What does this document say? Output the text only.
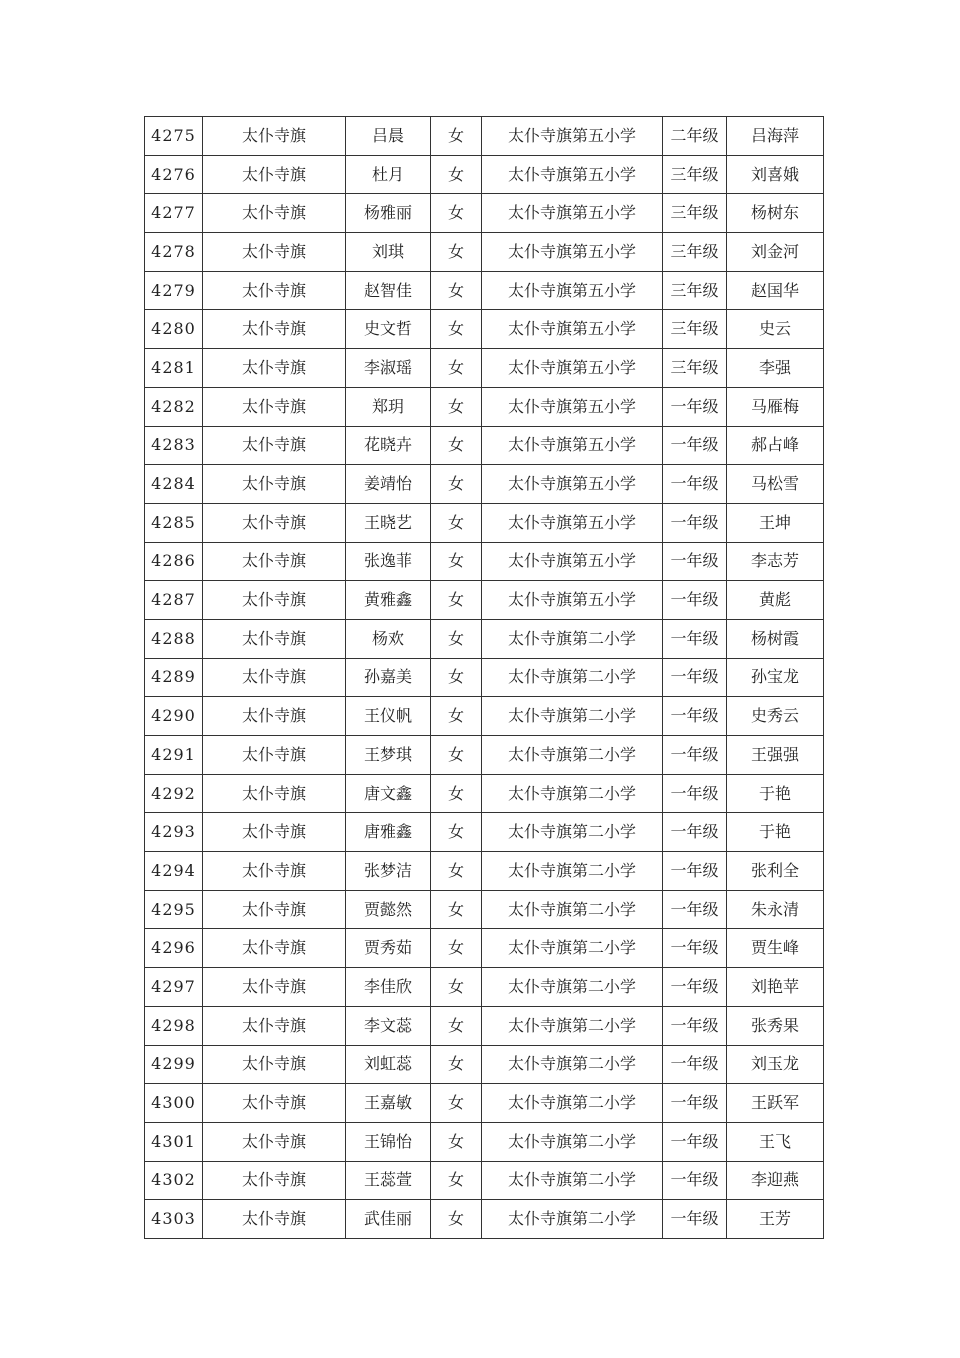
4275	太仆寺旗	吕晨	女	太仆寺旗第五小学	二年级	吕海萍
4276	太仆寺旗	杜月	女	太仆寺旗第五小学	三年级	刘喜娥
4277	太仆寺旗	杨雅丽	女	太仆寺旗第五小学	三年级	杨树东
4278	太仆寺旗	刘琪	女	太仆寺旗第五小学	三年级	刘金河
4279	太仆寺旗	赵智佳	女	太仆寺旗第五小学	三年级	赵国华
4280	太仆寺旗	史文哲	女	太仆寺旗第五小学	三年级	史云
4281	太仆寺旗	李淑瑶	女	太仆寺旗第五小学	三年级	李强
4282	太仆寺旗	郑玥	女	太仆寺旗第五小学	一年级	马雁梅
4283	太仆寺旗	花晓卉	女	太仆寺旗第五小学	一年级	郝占峰
4284	太仆寺旗	姜靖怡	女	太仆寺旗第五小学	一年级	马松雪
4285	太仆寺旗	王晓艺	女	太仆寺旗第五小学	一年级	王坤
4286	太仆寺旗	张逸菲	女	太仆寺旗第五小学	一年级	李志芳
4287	太仆寺旗	黄雅鑫	女	太仆寺旗第五小学	一年级	黄彪
4288	太仆寺旗	杨欢	女	太仆寺旗第二小学	一年级	杨树霞
4289	太仆寺旗	孙嘉美	女	太仆寺旗第二小学	一年级	孙宝龙
4290	太仆寺旗	王仪帆	女	太仆寺旗第二小学	一年级	史秀云
4291	太仆寺旗	王梦琪	女	太仆寺旗第二小学	一年级	王强强
4292	太仆寺旗	唐文鑫	女	太仆寺旗第二小学	一年级	于艳
4293	太仆寺旗	唐雅鑫	女	太仆寺旗第二小学	一年级	于艳
4294	太仆寺旗	张梦洁	女	太仆寺旗第二小学	一年级	张利全
4295	太仆寺旗	贾懿然	女	太仆寺旗第二小学	一年级	朱永清
4296	太仆寺旗	贾秀茹	女	太仆寺旗第二小学	一年级	贾生峰
4297	太仆寺旗	李佳欣	女	太仆寺旗第二小学	一年级	刘艳苹
4298	太仆寺旗	李文蕊	女	太仆寺旗第二小学	一年级	张秀果
4299	太仆寺旗	刘虹蕊	女	太仆寺旗第二小学	一年级	刘玉龙
4300	太仆寺旗	王嘉敏	女	太仆寺旗第二小学	一年级	王跃军
4301	太仆寺旗	王锦怡	女	太仆寺旗第二小学	一年级	王飞
4302	太仆寺旗	王蕊萱	女	太仆寺旗第二小学	一年级	李迎燕
4303	太仆寺旗	武佳丽	女	太仆寺旗第二小学	一年级	王芳
